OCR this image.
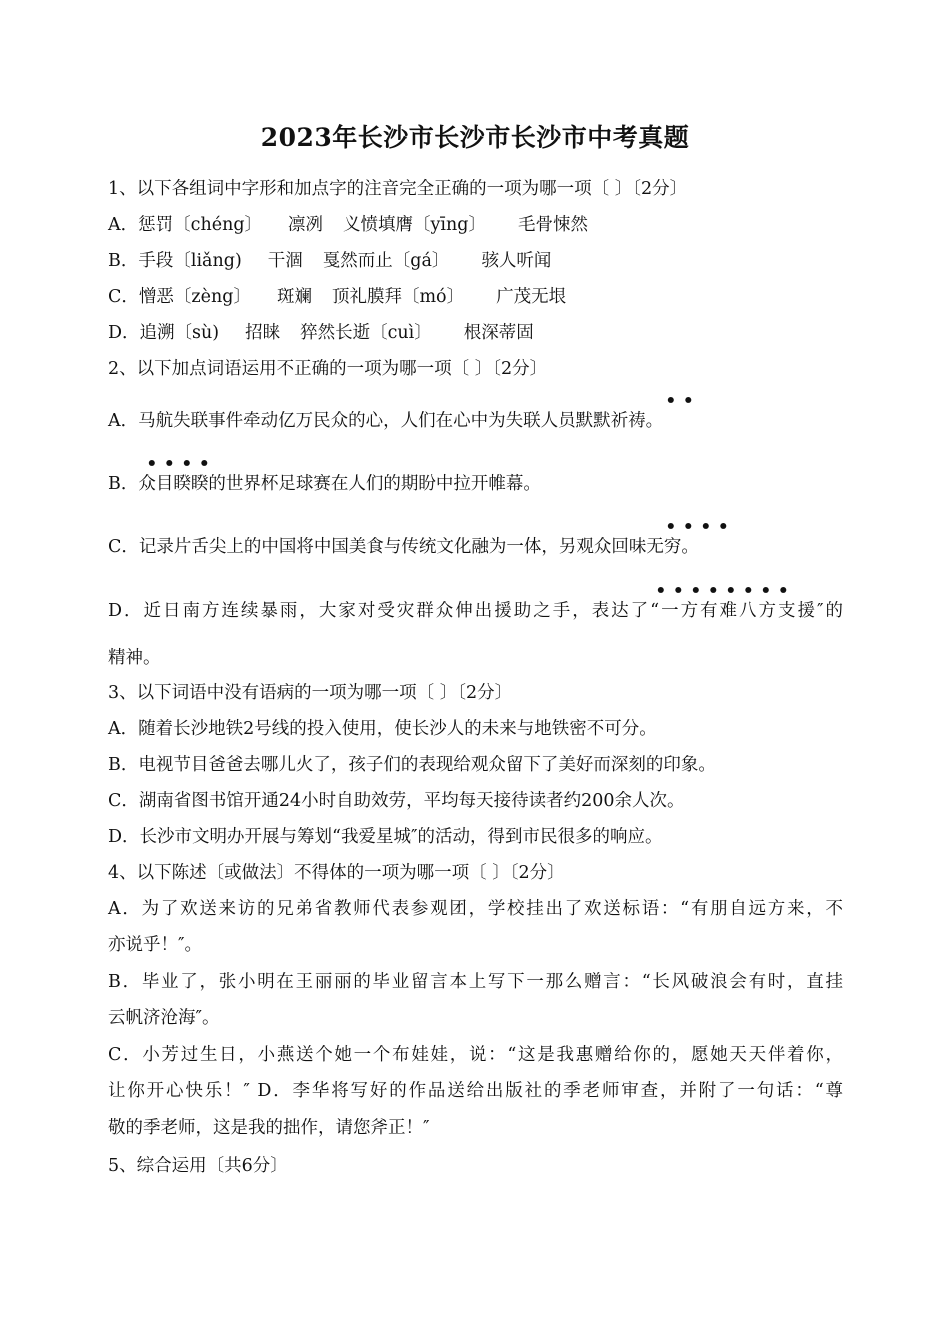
2023年长沙市长沙市长沙市中考真题
1、以下各组词中字形和加点字的注音完全正确的一项为哪一项〔 〕〔2分〕
A．惩罚〔chéng〕 凛冽 义愤填膺〔yīng〕 毛骨悚然
B．手段〔liǎng) 干涸 戛然而止〔gá〕 骇人听闻
C．憎恶〔zèng〕 斑斓 顶礼膜拜〔mó〕 广茂无垠
D．追溯〔sù) 招睐 猝然长逝〔cuì〕 根深蒂固
2、以下加点词语运用不正确的一项为哪一项〔 〕〔2分〕
• •
A．马航失联事件牵动亿万民众的心，人们在心中为失联人员默默祈祷。
• • • •
B．众目睽睽的世界杯足球赛在人们的期盼中拉开帷幕。
• • • •
C．记录片舌尖上的中国将中国美食与传统文化融为一体，另观众回味无穷。
• • • • • • • •
D．近日南方连续暴雨，大家对受灾群众伸出援助之手，表达了“一方有难八方支援″的
精神。
3、以下词语中没有语病的一项为哪一项〔 〕〔2分〕
A．随着长沙地铁2号线的投入使用，使长沙人的未来与地铁密不可分。
B．电视节目爸爸去哪儿火了，孩子们的表现给观众留下了美好而深刻的印象。
C．湖南省图书馆开通24小时自助效劳，平均每天接待读者约200余人次。
D．长沙市文明办开展与筹划“我爱星城″的活动，得到市民很多的响应。
4、以下陈述〔或做法〕不得体的一项为哪一项〔 〕〔2分〕
A．为了欢送来访的兄弟省教师代表参观团，学校挂出了欢送标语：“有朋自远方来，不
亦说乎！″。
B．毕业了，张小明在王丽丽的毕业留言本上写下一那么赠言：“长风破浪会有时，直挂
云帆济沧海″。
C．小芳过生日，小燕送个她一个布娃娃，说：“这是我惠赠给你的，愿她天天伴着你，
让你开心快乐！″ D．李华将写好的作品送给出版社的季老师审查，并附了一句话：“尊
敬的季老师，这是我的拙作，请您斧正！″
5、综合运用〔共6分〕
